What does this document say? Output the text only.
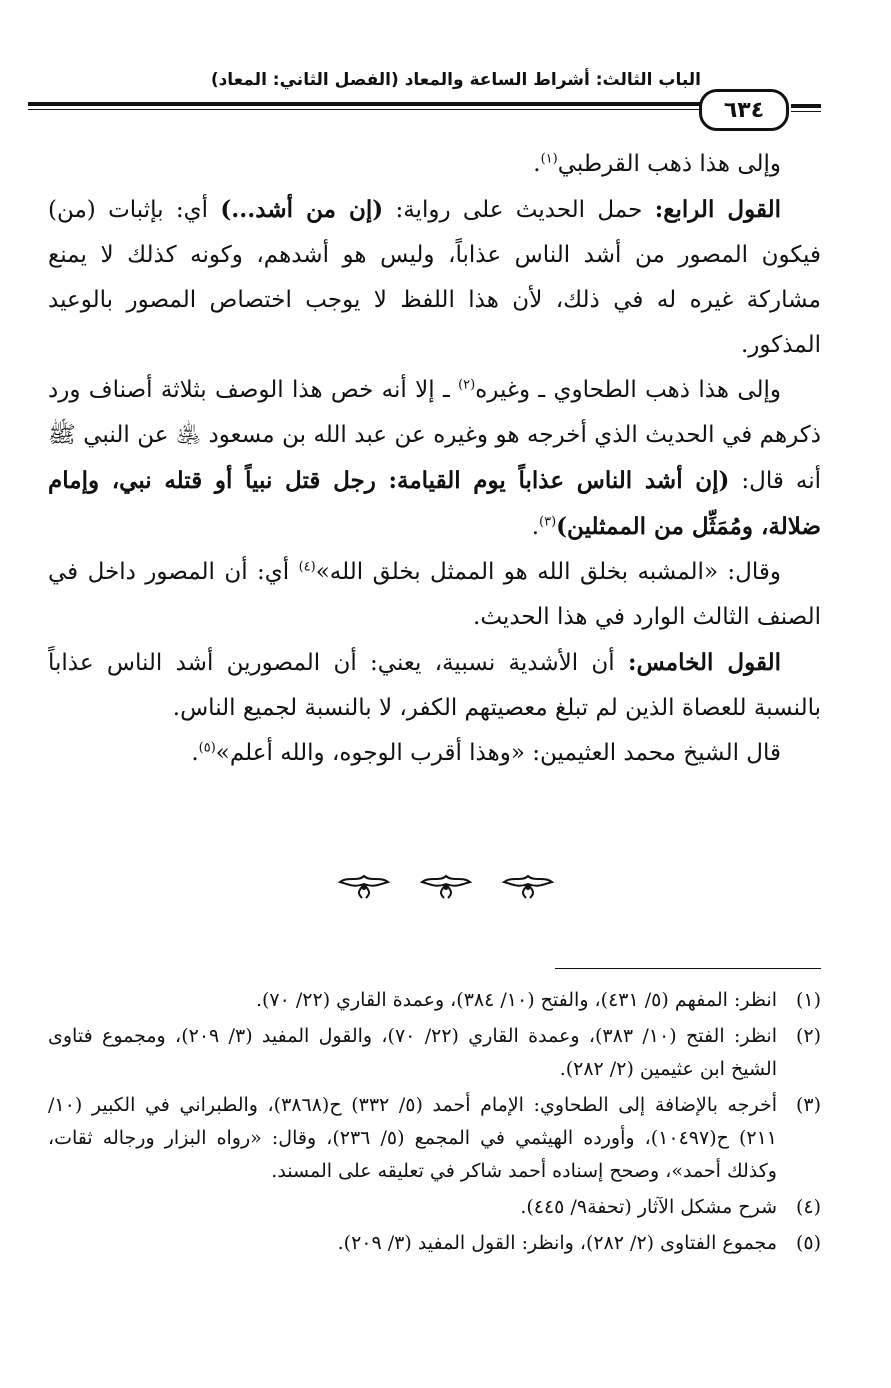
الباب الثالث: أشراط الساعة والمعاد (الفصل الثاني: المعاد)
٦٣٤

وإلى هذا ذهب القرطبي$^{(١)}$.

القول الرابع: حمل الحديث على رواية: (إن من أشد...) أي: بإثبات (من) فيكون المصور من أشد الناس عذاباً، وليس هو أشدهم، وكونه كذلك لا يمنع مشاركة غيره له في ذلك، لأن هذا اللفظ لا يوجب اختصاص المصور بالوعيد المذكور.

وإلى هذا ذهب الطحاوي ـ وغيره$^{(٢)}$ ـ إلا أنه خص هذا الوصف بثلاثة أصناف ورد ذكرهم في الحديث الذي أخرجه هو وغيره عن عبد الله بن مسعود ﵁ عن النبي ﷺ أنه قال: (إن أشد الناس عذاباً يوم القيامة: رجل قتل نبياً أو قتله نبي، وإمام ضلالة، ومُمَثِّل من الممثلين)$^{(٣)}$.

وقال: «المشبه بخلق الله هو الممثل بخلق الله»$^{(٤)}$ أي: أن المصور داخل في الصنف الثالث الوارد في هذا الحديث.

القول الخامس: أن الأشدية نسبية، يعني: أن المصورين أشد الناس عذاباً بالنسبة للعصاة الذين لم تبلغ معصيتهم الكفر، لا بالنسبة لجميع الناس.

قال الشيخ محمد العثيمين: «وهذا أقرب الوجوه، والله أعلم»$^{(٥)}$.

(١)
انظر: المفهم (٥/ ٤٣١)، والفتح (١٠/ ٣٨٤)، وعمدة القاري (٢٢/ ٧٠).
(٢)
انظر: الفتح (١٠/ ٣٨٣)، وعمدة القاري (٢٢/ ٧٠)، والقول المفيد (٣/ ٢٠٩)، ومجموع فتاوى الشيخ ابن عثيمين (٢/ ٢٨٢).
(٣)
أخرجه بالإضافة إلى الطحاوي: الإمام أحمد (٥/ ٣٣٢) ح(٣٨٦٨)، والطبراني في الكبير (١٠/ ٢١١) ح(١٠٤٩٧)، وأورده الهيثمي في المجمع (٥/ ٢٣٦)، وقال: «رواه البزار ورجاله ثقات، وكذلك أحمد»، وصحح إسناده أحمد شاكر في تعليقه على المسند.
(٤)
شرح مشكل الآثار (تحفة٩/ ٤٤٥).
(٥)
مجموع الفتاوى (٢/ ٢٨٢)، وانظر: القول المفيد (٣/ ٢٠٩).
